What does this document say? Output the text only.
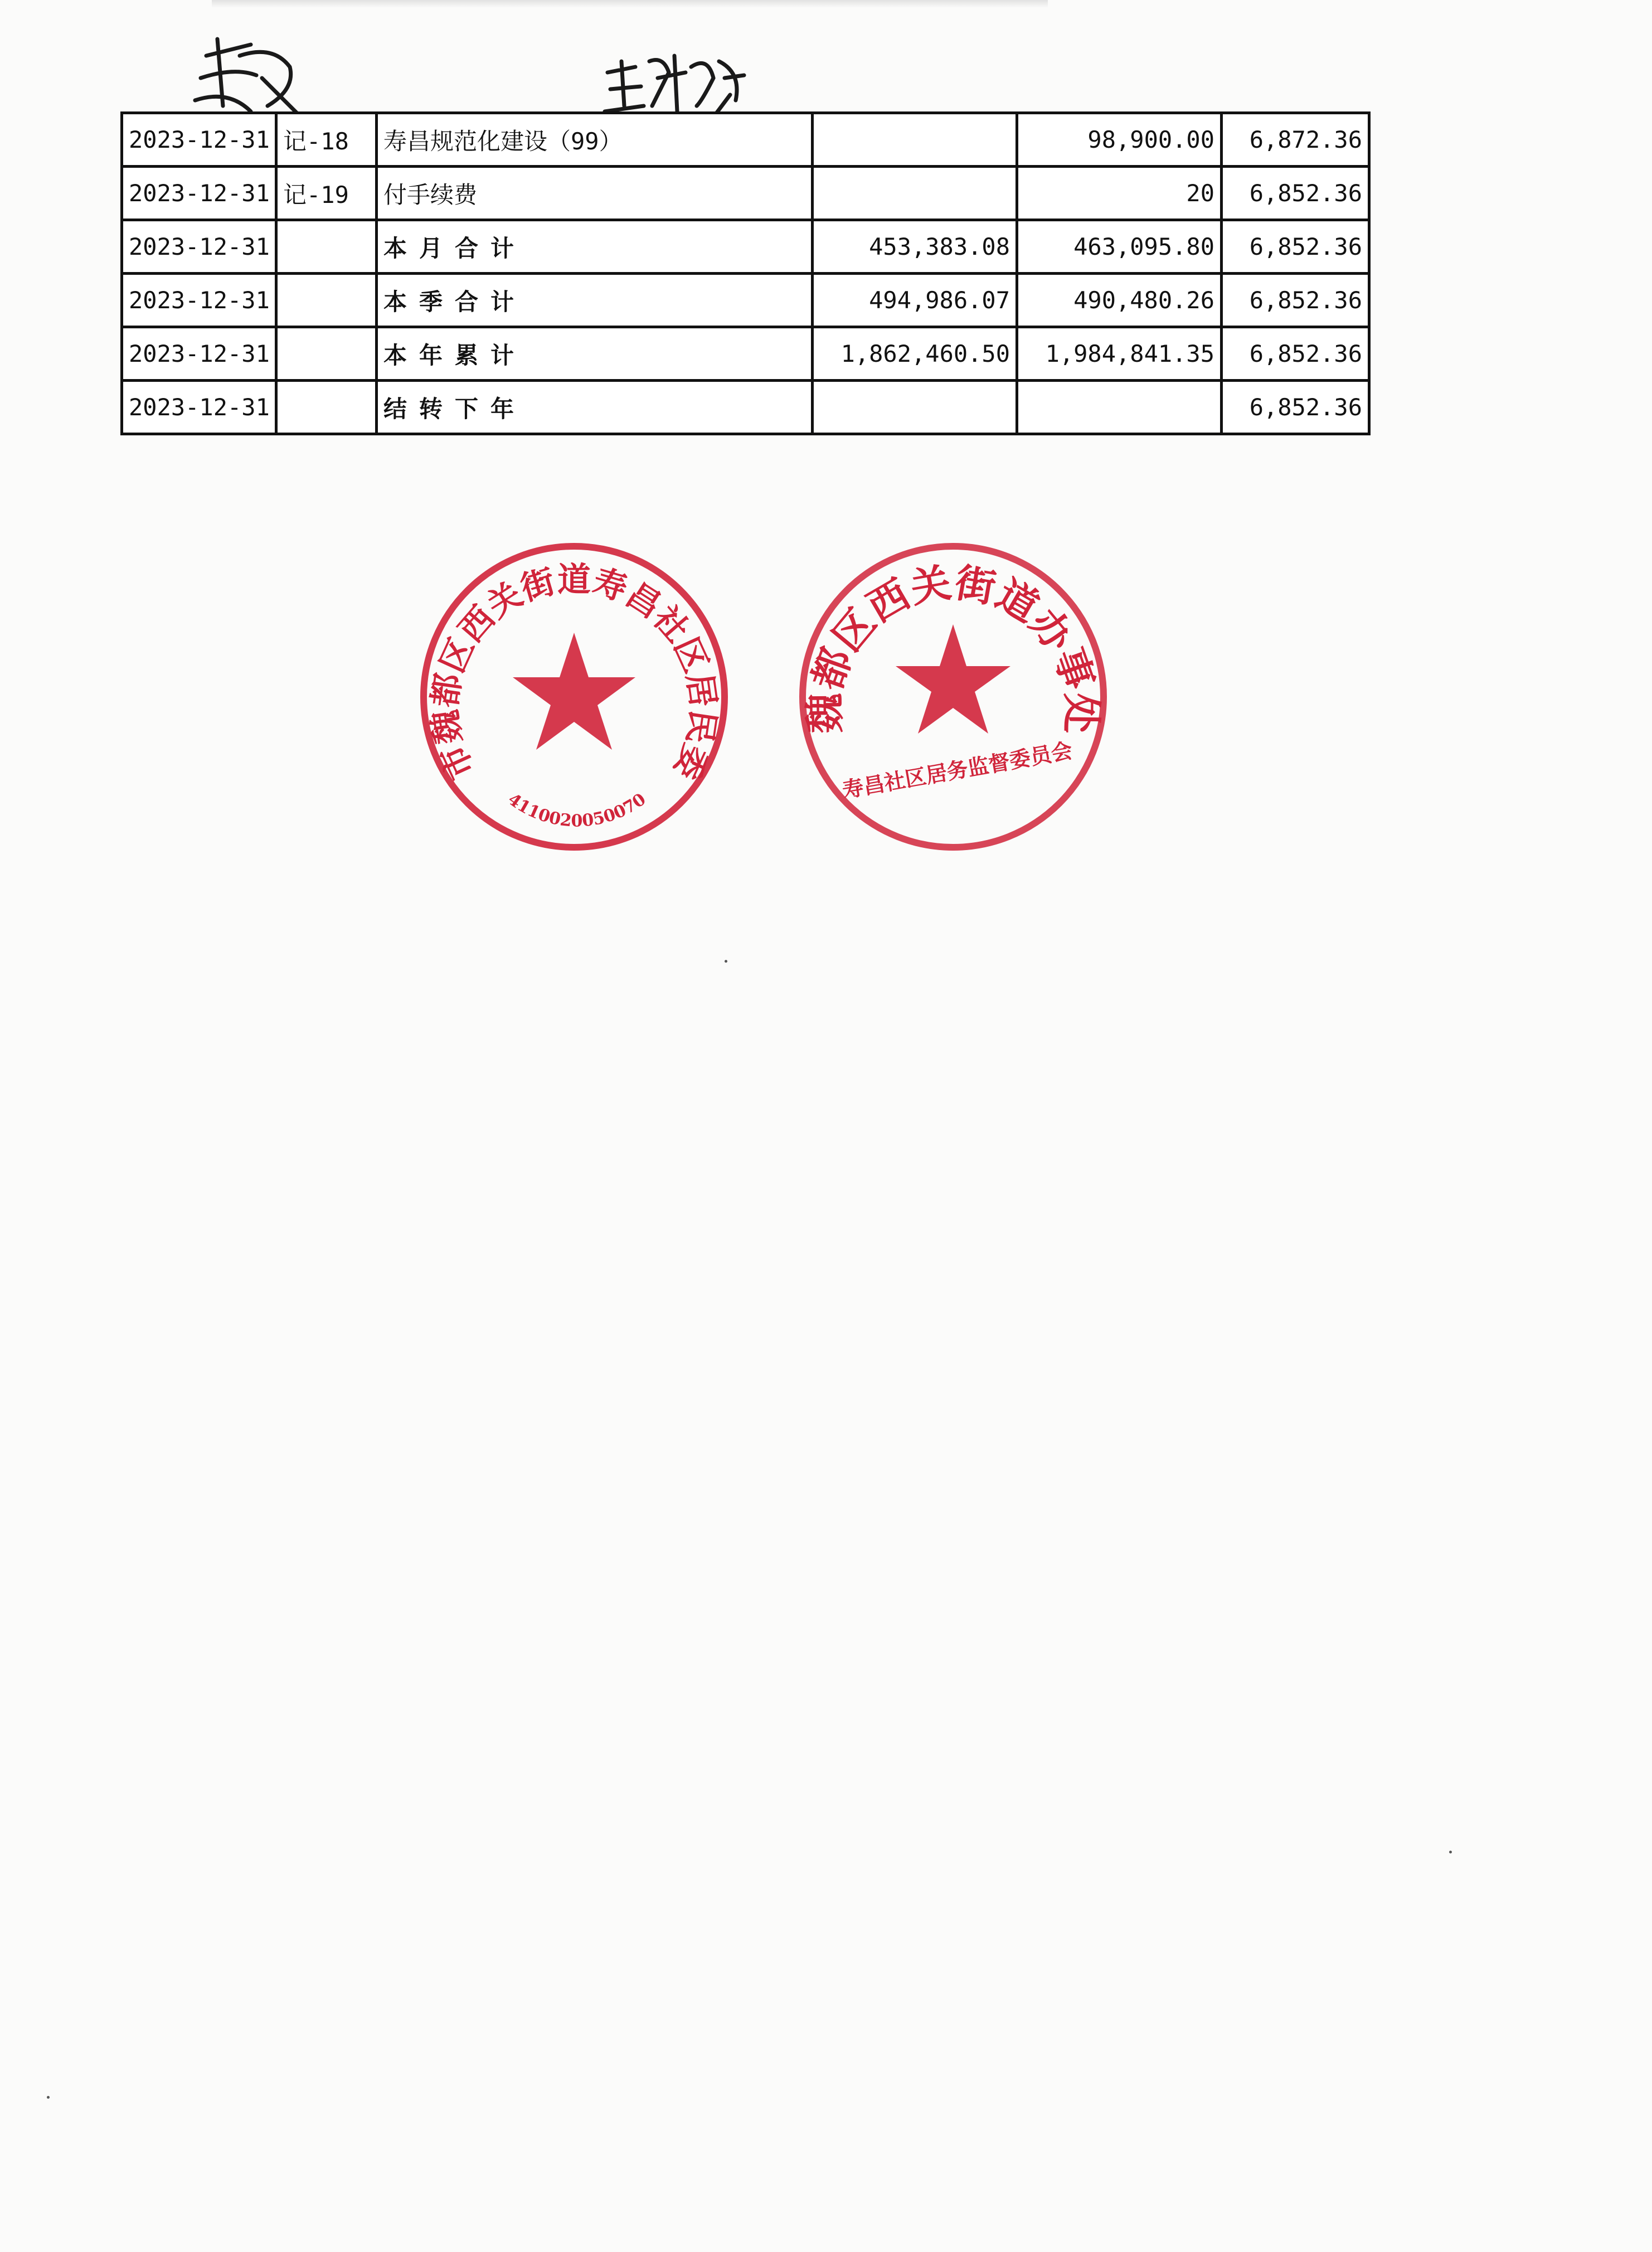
2023-12-31	记-18	寿昌规范化建设（99）		98,900.00	6,872.36
2023-12-31	记-19	付手续费		20	6,852.36
2023-12-31		本月合计	453,383.08	463,095.80	6,852.36
2023-12-31		本季合计	494,986.07	490,480.26	6,852.36
2023-12-31		本年累计	1,862,460.50	1,984,841.35	6,852.36
2023-12-31		结转下年			6,852.36
市魏都区西关街道寿昌社区居民委
4110020050070
魏都区西关街道办事处
寿昌社区居务监督委员会
